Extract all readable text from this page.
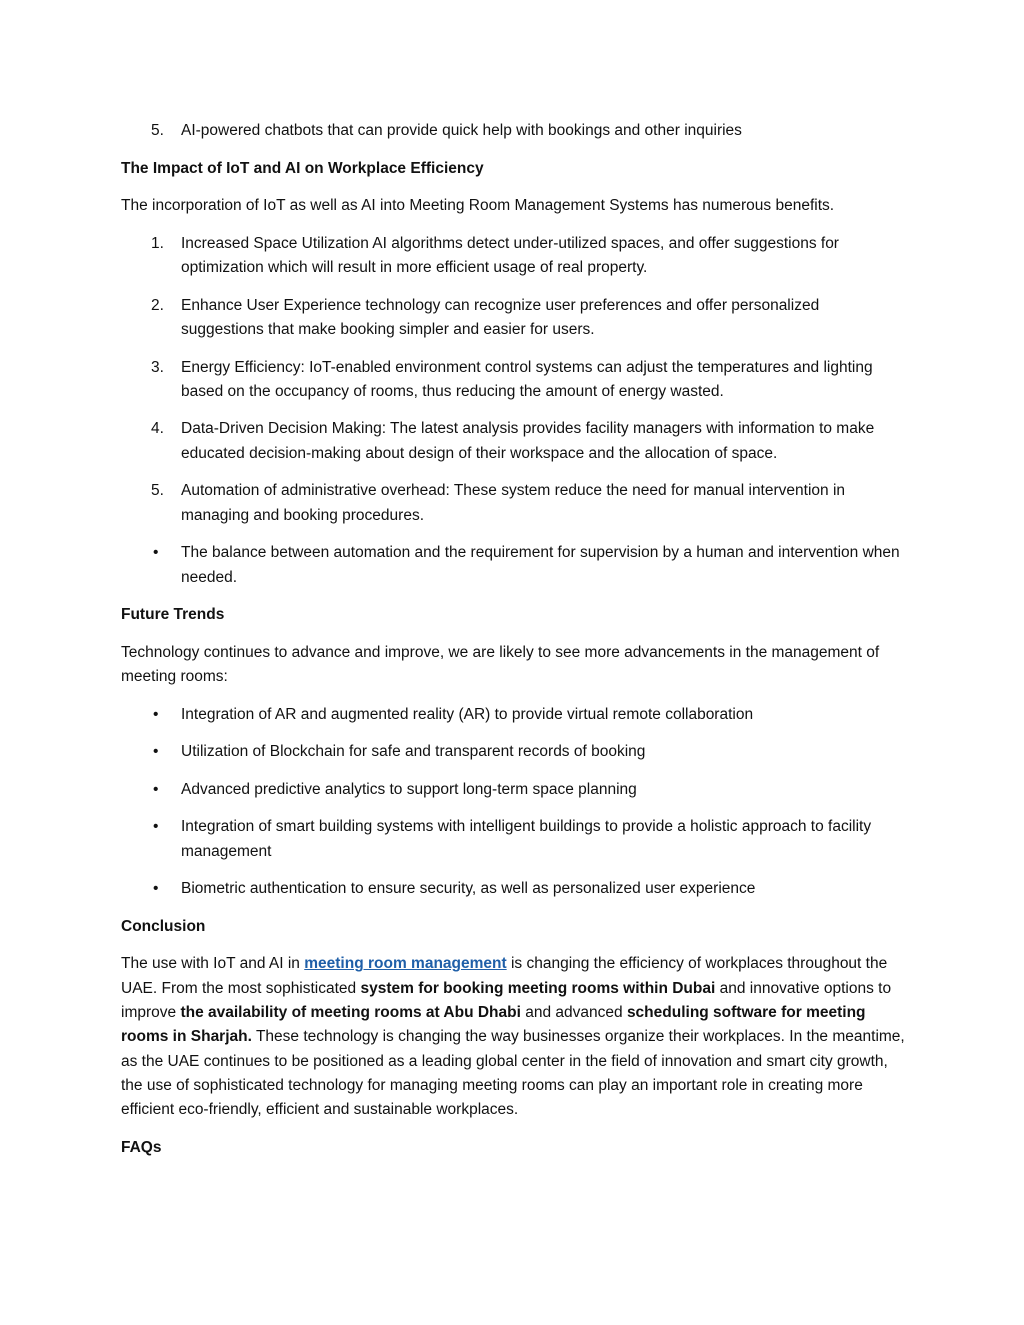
5. AI-powered chatbots that can provide quick help with bookings and other inquiries

The Impact of IoT and AI on Workplace Efficiency

The incorporation of IoT as well as AI into Meeting Room Management Systems has numerous benefits.

1. Increased Space Utilization AI algorithms detect under-utilized spaces, and offer suggestions for optimization which will result in more efficient usage of real property.
2. Enhance User Experience technology can recognize user preferences and offer personalized suggestions that make booking simpler and easier for users.
3. Energy Efficiency: IoT-enabled environment control systems can adjust the temperatures and lighting based on the occupancy of rooms, thus reducing the amount of energy wasted.
4. Data-Driven Decision Making: The latest analysis provides facility managers with information to make educated decision-making about design of their workspace and the allocation of space.
5. Automation of administrative overhead: These system reduce the need for manual intervention in managing and booking procedures.
• The balance between automation and the requirement for supervision by a human and intervention when needed.

Future Trends

Technology continues to advance and improve, we are likely to see more advancements in the management of meeting rooms:

• Integration of AR and augmented reality (AR) to provide virtual remote collaboration
• Utilization of Blockchain for safe and transparent records of booking
• Advanced predictive analytics to support long-term space planning
• Integration of smart building systems with intelligent buildings to provide a holistic approach to facility management
• Biometric authentication to ensure security, as well as personalized user experience

Conclusion

The use with IoT and AI in meeting room management is changing the efficiency of workplaces throughout the UAE. From the most sophisticated system for booking meeting rooms within Dubai and innovative options to improve the availability of meeting rooms at Abu Dhabi and advanced scheduling software for meeting rooms in Sharjah. These technology is changing the way businesses organize their workplaces. In the meantime, as the UAE continues to be positioned as a leading global center in the field of innovation and smart city growth, the use of sophisticated technology for managing meeting rooms can play an important role in creating more efficient eco-friendly, efficient and sustainable workplaces.

FAQs
